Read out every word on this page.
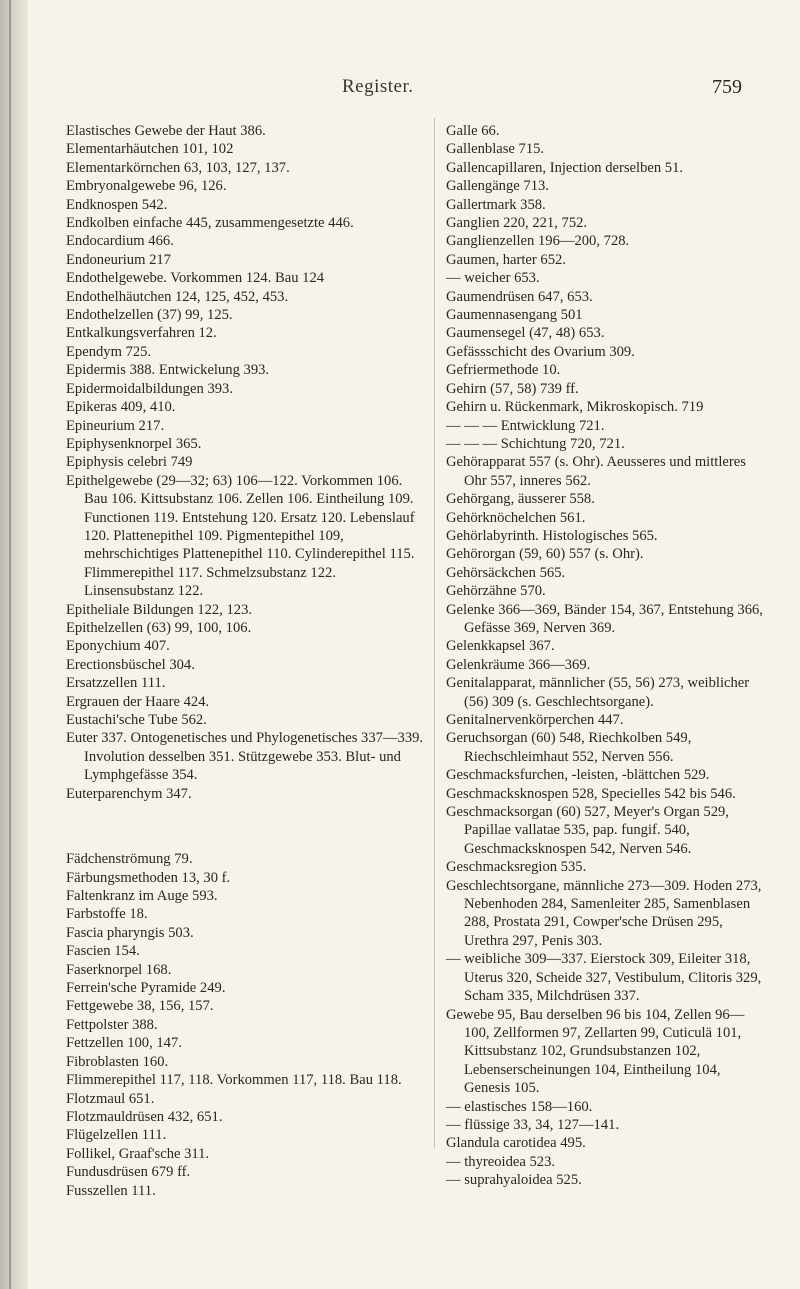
Register.	759

Elastisches Gewebe der Haut 386.

Elementarhäutchen 101, 102

Elementarkörnchen 63, 103, 127, 137.

Embryonalgewebe 96, 126.

Endknospen 542.

Endkolben einfache 445, zusammengesetzte 446.

Endocardium 466.

Endoneurium 217

Endothelgewebe. Vorkommen 124. Bau 124

Endothelhäutchen 124, 125, 452, 453.

Endothelzellen (37) 99, 125.

Entkalkungsverfahren 12.

Ependym 725.

Epidermis 388. Entwickelung 393.

Epidermoidalbildungen 393.

Epikeras 409, 410.

Epineurium 217.

Epiphysenknorpel 365.

Epiphysis celebri 749

Epithelgewebe (29—32; 63) 106—122. Vorkommen 106. Bau 106. Kittsubstanz 106. Zellen 106. Eintheilung 109. Functionen 119. Entstehung 120. Ersatz 120. Lebenslauf 120. Plattenepithel 109. Pigmentepithel 109, mehrschichtiges Plattenepithel 110. Cylinderepithel 115. Flimmerepithel 117. Schmelzsubstanz 122. Linsensubstanz 122.

Epitheliale Bildungen 122, 123.

Epithelzellen (63) 99, 100, 106.

Eponychium 407.

Erectionsbüschel 304.

Ersatzzellen 111.

Ergrauen der Haare 424.

Eustachi'sche Tube 562.

Euter 337. Ontogenetisches und Phylogenetisches 337—339. Involution desselben 351. Stützgewebe 353. Blut- und Lymphgefässe 354.

Euterparenchym 347.

Fädchenströmung 79.

Färbungsmethoden 13, 30 f.

Faltenkranz im Auge 593.

Farbstoffe 18.

Fascia pharyngis 503.

Fascien 154.

Faserknorpel 168.

Ferrein'sche Pyramide 249.

Fettgewebe 38, 156, 157.

Fettpolster 388.

Fettzellen 100, 147.

Fibroblasten 160.

Flimmerepithel 117, 118. Vorkommen 117, 118. Bau 118.

Flotzmaul 651.

Flotzmauldrüsen 432, 651.

Flügelzellen 111.

Follikel, Graaf'sche 311.

Fundusdrüsen 679 ff.

Fusszellen 111.

Galle 66.

Gallenblase 715.

Gallencapillaren, Injection derselben 51.

Gallengänge 713.

Gallertmark 358.

Ganglien 220, 221, 752.

Ganglienzellen 196—200, 728.

Gaumen, harter 652.

— weicher 653.

Gaumendrüsen 647, 653.

Gaumennasengang 501

Gaumensegel (47, 48) 653.

Gefässschicht des Ovarium 309.

Gefriermethode 10.

Gehirn (57, 58) 739 ff.

Gehirn u. Rückenmark, Mikroskopisch. 719

— — — Entwicklung 721.

— — — Schichtung 720, 721.

Gehörapparat 557 (s. Ohr). Aeusseres und mittleres Ohr 557, inneres 562.

Gehörgang, äusserer 558.

Gehörknöchelchen 561.

Gehörlabyrinth. Histologisches 565.

Gehörorgan (59, 60) 557 (s. Ohr).

Gehörsäckchen 565.

Gehörzähne 570.

Gelenke 366—369, Bänder 154, 367, Entstehung 366, Gefässe 369, Nerven 369.

Gelenkkapsel 367.

Gelenkräume 366—369.

Genitalapparat, männlicher (55, 56) 273, weiblicher (56) 309 (s. Geschlechtsorgane).

Genitalnervenkörperchen 447.

Geruchsorgan (60) 548, Riechkolben 549, Riechschleimhaut 552, Nerven 556.

Geschmacksfurchen, -leisten, -blättchen 529.

Geschmacksknospen 528, Specielles 542 bis 546.

Geschmacksorgan (60) 527, Meyer's Organ 529, Papillae vallatae 535, pap. fungif. 540, Geschmacksknospen 542, Nerven 546.

Geschmacksregion 535.

Geschlechtsorgane, männliche 273—309. Hoden 273, Nebenhoden 284, Samenleiter 285, Samenblasen 288, Prostata 291, Cowper'sche Drüsen 295, Urethra 297, Penis 303.

— weibliche 309—337. Eierstock 309, Eileiter 318, Uterus 320, Scheide 327, Vestibulum, Clitoris 329, Scham 335, Milchdrüsen 337.

Gewebe 95, Bau derselben 96 bis 104, Zellen 96—100, Zellformen 97, Zellarten 99, Cuticulä 101, Kittsubstanz 102, Grundsubstanzen 102, Lebenserscheinungen 104, Eintheilung 104, Genesis 105.

— elastisches 158—160.

— flüssige 33, 34, 127—141.

Glandula carotidea 495.

— thyreoidea 523.

— suprahyaloidea 525.
